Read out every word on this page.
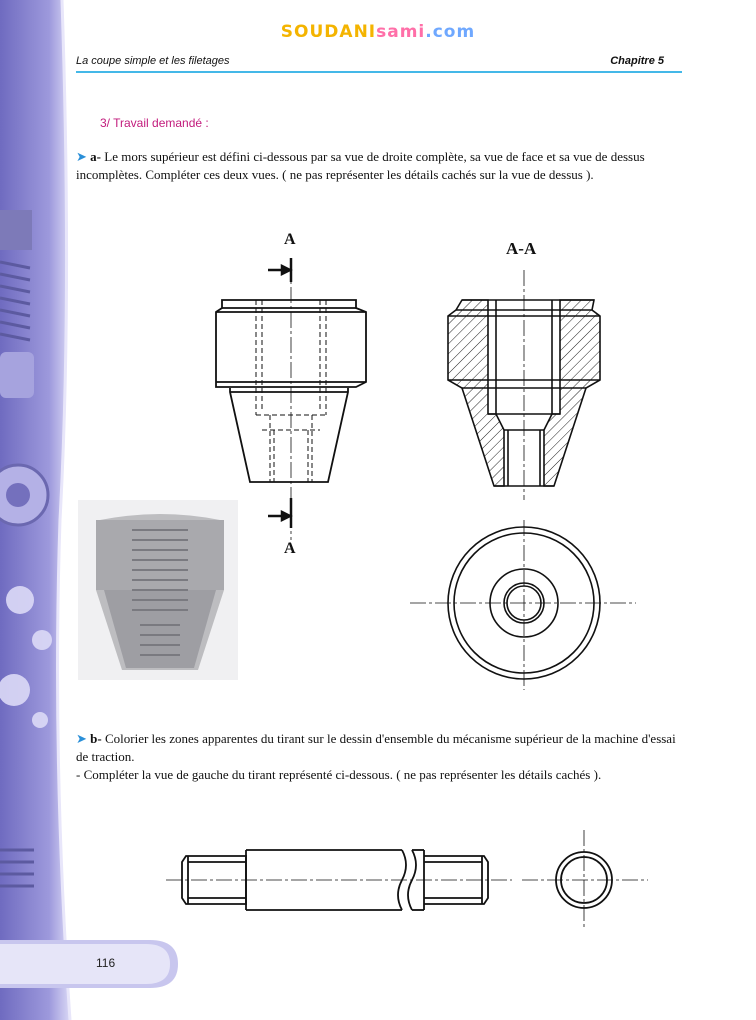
SOUDANIsami.com
La coupe simple et les filetages	Chapitre 5
3/ Travail demandé :
➤ a- Le mors supérieur est défini ci-dessous par sa vue de droite complète, sa vue de face et sa vue de dessus incomplètes. Compléter ces deux vues. ( ne pas représenter les détails cachés sur la vue de dessus ).
A
A
A-A
➤ b- Colorier les zones apparentes du tirant sur le dessin d'ensemble du mécanisme supérieur de la machine d'essai de traction.
- Compléter la vue de gauche du tirant représenté ci-dessous. ( ne pas représenter les détails cachés ).
116
